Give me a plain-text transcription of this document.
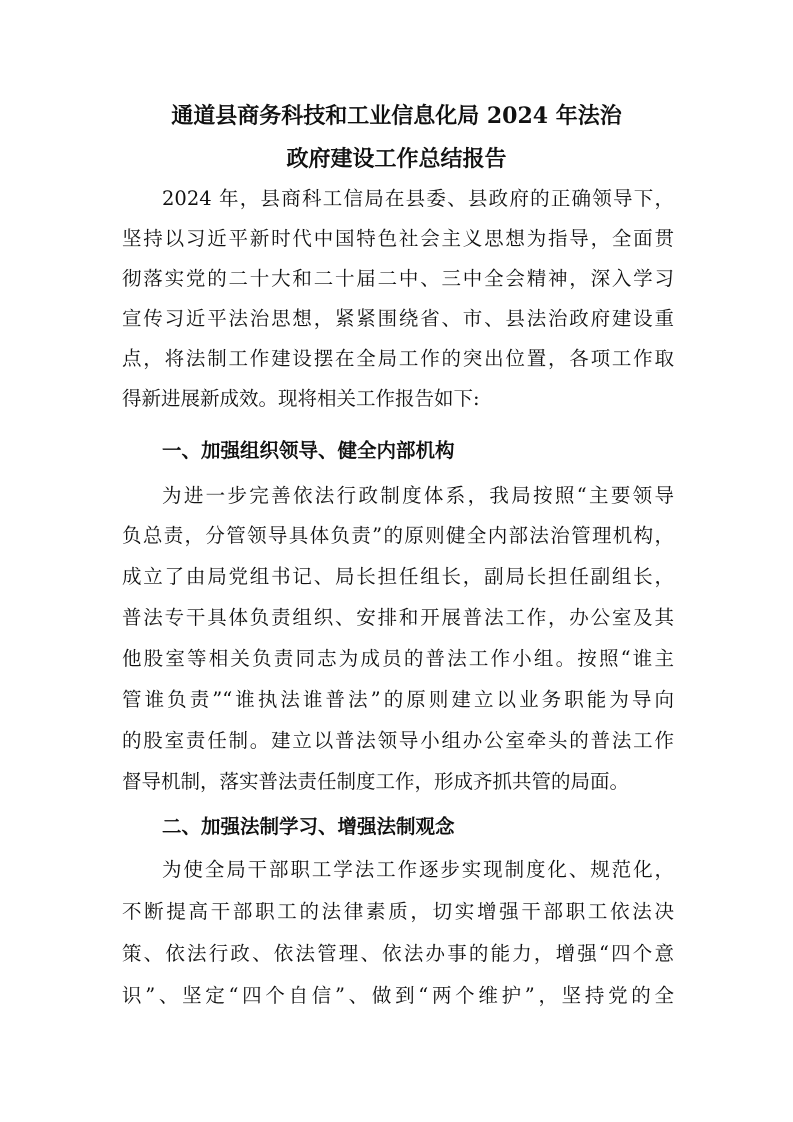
通道县商务科技和工业信息化局 2024 年法治
政府建设工作总结报告
2024 年，县商科工信局在县委、县政府的正确领导下，
坚持以习近平新时代中国特色社会主义思想为指导，全面贯
彻落实党的二十大和二十届二中、三中全会精神，深入学习
宣传习近平法治思想，紧紧围绕省、市、县法治政府建设重
点，将法制工作建设摆在全局工作的突出位置，各项工作取
得新进展新成效。现将相关工作报告如下:
一、加强组织领导、健全内部机构
为进一步完善依法行政制度体系，我局按照“主要领导
负总责，分管领导具体负责”的原则健全内部法治管理机构，
成立了由局党组书记、局长担任组长，副局长担任副组长，
普法专干具体负责组织、安排和开展普法工作，办公室及其
他股室等相关负责同志为成员的普法工作小组。按照“谁主
管谁负责”“谁执法谁普法”的原则建立以业务职能为导向
的股室责任制。建立以普法领导小组办公室牵头的普法工作
督导机制，落实普法责任制度工作，形成齐抓共管的局面。
二、加强法制学习、增强法制观念
为使全局干部职工学法工作逐步实现制度化、规范化，
不断提高干部职工的法律素质，切实增强干部职工依法决
策、依法行政、依法管理、依法办事的能力，增强“四个意
识”、坚定“四个自信”、做到“两个维护”，坚持党的全
